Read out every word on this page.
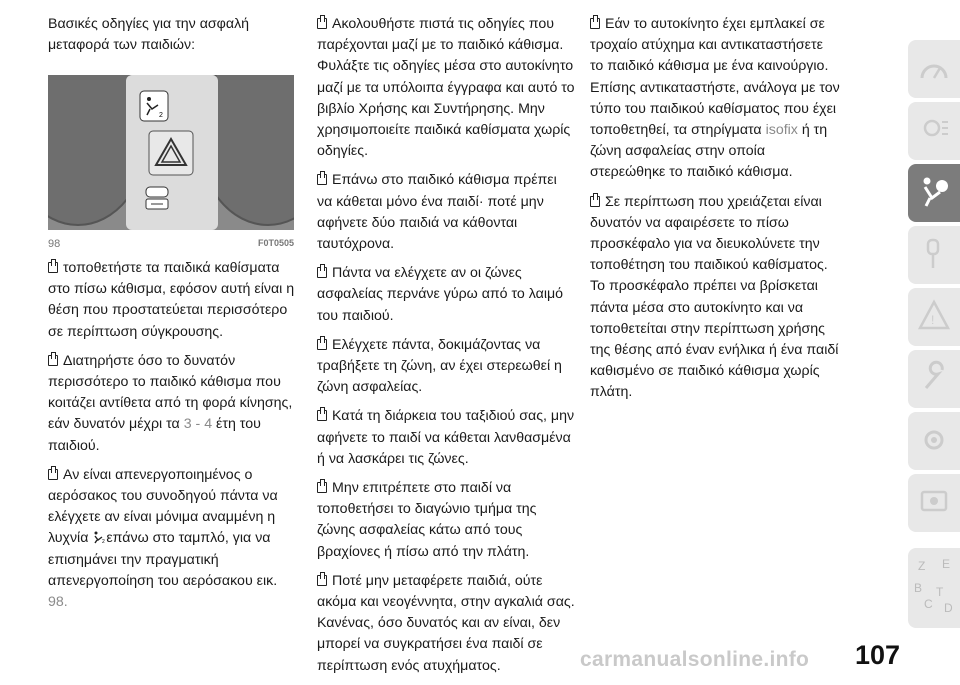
Βασικές οδηγίες για την ασφαλή μεταφορά των παιδιών:

2
98	F0T0505

τοποθετήστε τα παιδικά καθίσματα στο πίσω κάθισμα, εφόσον αυτή είναι η θέση που προστατεύεται περισσότερο σε περίπτωση σύγκρουσης.

Διατηρήστε όσο το δυνατόν περισσότερο το παιδικό κάθισμα που κοιτάζει αντίθετα από τη φορά κίνησης, εάν δυνατόν μέχρι τα 3 - 4 έτη του παιδιού.

Αν είναι απενεργοποιημένος ο αερόσακος του συνοδηγού πάντα να ελέγχετε αν είναι μόνιμα αναμμένη η λυχνία 2 επάνω στο ταμπλό, για να επισημάνει την πραγματική απενεργοποίηση του αερόσακου εικ.
98.

Ακολουθήστε πιστά τις οδηγίες που παρέχονται μαζί με το παιδικό κάθισμα. Φυλάξτε τις οδηγίες μέσα στο αυτοκίνητο μαζί με τα υπόλοιπα έγγραφα και αυτό το βιβλίο Χρήσης και Συντήρησης. Μην χρησιμοποιείτε παιδικά καθίσματα χωρίς οδηγίες.

Επάνω στο παιδικό κάθισμα πρέπει να κάθεται μόνο ένα παιδί· ποτέ μην αφήνετε δύο παιδιά να κάθονται ταυτόχρονα.

Πάντα να ελέγχετε αν οι ζώνες ασφαλείας περνάνε γύρω από το λαιμό του παιδιού.

Ελέγχετε πάντα, δοκιμάζοντας να τραβήξετε τη ζώνη, αν έχει στερεωθεί η ζώνη ασφαλείας.

Κατά τη διάρκεια του ταξιδιού σας, μην αφήνετε το παιδί να κάθεται λανθασμένα ή να λασκάρει τις ζώνες.

Μην επιτρέπετε στο παιδί να τοποθετήσει το διαγώνιο τμήμα της ζώνης ασφαλείας κάτω από τους βραχίονες ή πίσω από την πλάτη.

Ποτέ μην μεταφέρετε παιδιά, ούτε ακόμα και νεογέννητα, στην αγκαλιά σας. Κανένας, όσο δυνατός και αν είναι, δεν μπορεί να συγκρατήσει ένα παιδί σε περίπτωση ενός ατυχήματος.

Εάν το αυτοκίνητο έχει εμπλακεί σε τροχαίο ατύχημα και αντικαταστήσετε το παιδικό κάθισμα με ένα καινούργιο. Επίσης αντικαταστήστε, ανάλογα με τον τύπο του παιδικού καθίσματος που έχει τοποθετηθεί, τα στηρίγματα isofix ή τη ζώνη ασφαλείας στην οποία στερεώθηκε το παιδικό κάθισμα.

Σε περίπτωση που χρειάζεται είναι δυνατόν να αφαιρέσετε το πίσω προσκέφαλο για να διευκολύνετε την τοποθέτηση του παιδικού καθίσματος. Το προσκέφαλο πρέπει να βρίσκεται πάντα μέσα στο αυτοκίνητο και να τοποθετείται στην περίπτωση χρήσης της θέσης από έναν ενήλικα ή ένα παιδί καθισμένο σε παιδικό κάθισμα χωρίς πλάτη.

!
Z E
B
C
T
D
carmanualsonline.info 107
